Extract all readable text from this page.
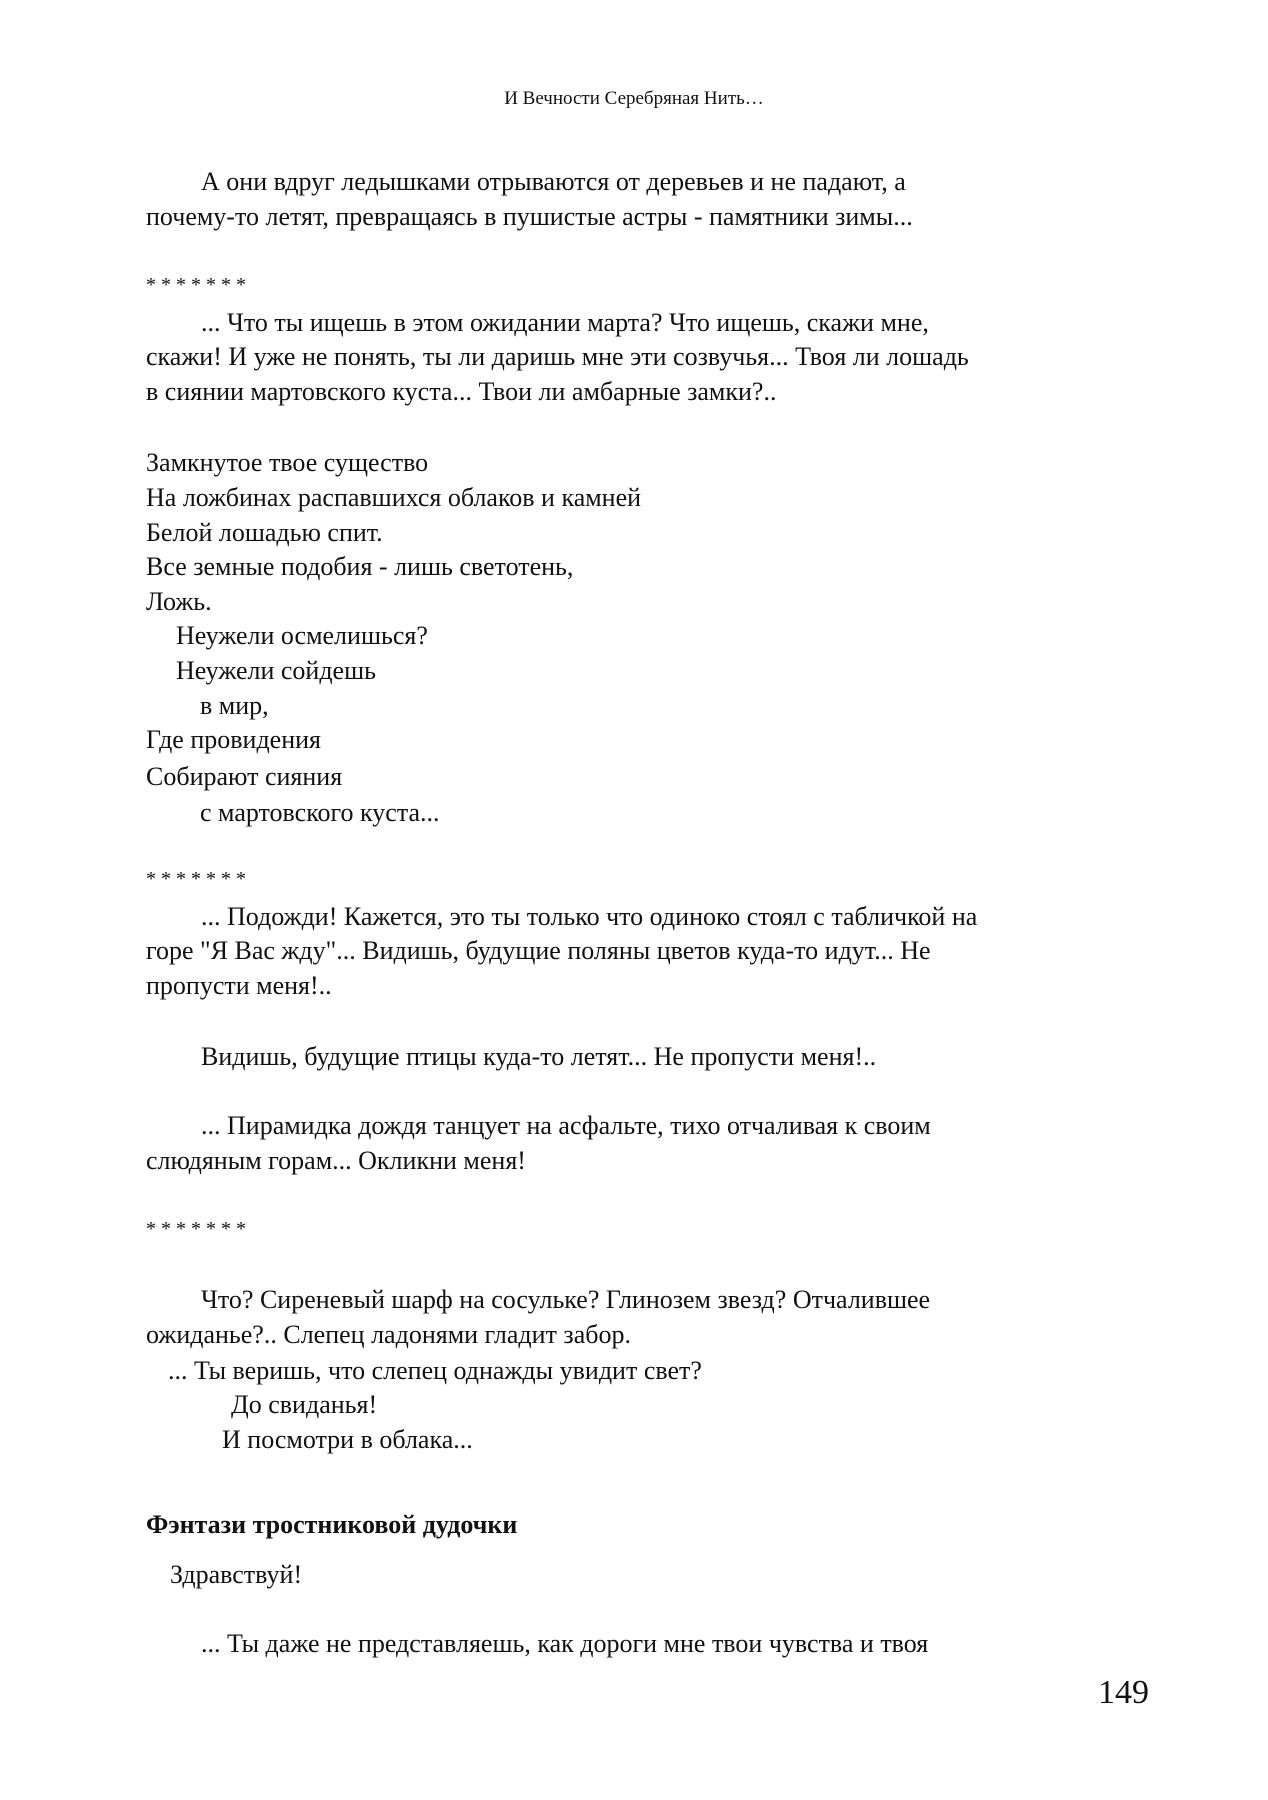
И Вечности Серебряная Нить…
А они вдруг ледышками отрываются от деревьев и не падают, а
почему-то летят, превращаясь в пушистые астры - памятники зимы...
* * * * * * *
... Что ты ищешь в этом ожидании марта? Что ищешь, скажи мне,
скажи! И уже не понять, ты ли даришь мне эти созвучья... Твоя ли лошадь
в сиянии мартовского куста... Твои ли амбарные замки?..
Замкнутое твое существо
На ложбинах распавшихся облаков и камней
Белой лошадью спит.
Все земные подобия - лишь светотень,
Ложь.
Неужели осмелишься?
Неужели сойдешь
в мир,
Где провидения
Собирают сияния
с мартовского куста...
* * * * * * *
... Подожди! Кажется, это ты только что одиноко стоял с табличкой на
горе "Я Вас жду"... Видишь, будущие поляны цветов куда-то идут... Не
пропусти меня!..
Видишь, будущие птицы куда-то летят... Не пропусти меня!..
... Пирамидка дождя танцует на асфальте, тихо отчаливая к своим
слюдяным горам... Окликни меня!
* * * * * * *
Что? Сиреневый шарф на сосульке? Глинозем звезд? Отчалившее
ожиданье?.. Слепец ладонями гладит забор.
... Ты веришь, что слепец однажды увидит свет?
До свиданья!
И посмотри в облака...
Фэнтази тростниковой дудочки
Здравствуй!
... Ты даже не представляешь, как дороги мне твои чувства и твоя
149
